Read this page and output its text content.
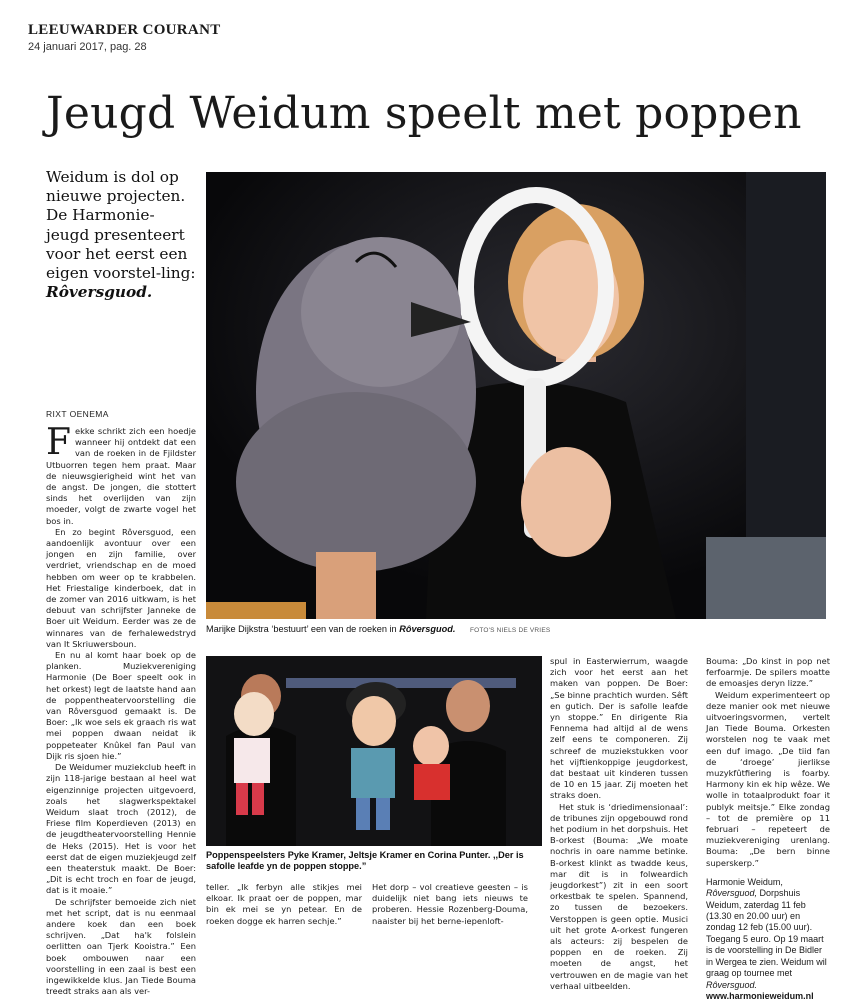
LEEUWARDER COURANT
24 januari 2017, pag. 28
Jeugd Weidum speelt met poppen
Weidum is dol op nieuwe projecten. De Harmonie-jeugd presenteert voor het eerst een eigen voorstel-ling: Rôversguod.
RIXT OENEMA

Fekke schrikt zich een hoedje wanneer hij ontdekt dat een van de roeken in de Fjildster Utbuorren tegen hem praat. Maar de nieuwsgierigheid wint het van de angst. De jongen, die stottert sinds het overlijden van zijn moeder, volgt de zwarte vogel het bos in.

En zo begint Rôversguod, een aandoenlijk avontuur over een jongen en zijn familie, over verdriet, vriendschap en de moed hebben om weer op te krabbelen. Het Friestalige kinderboek, dat in de zomer van 2016 uitkwam, is het debuut van schrijfster Janneke de Boer uit Weidum. Eerder was ze de winnares van de ferhalewedstryd van It Skriuwersboun.

En nu al komt haar boek op de planken. Muziekvereniging Harmonie (De Boer speelt ook in het orkest) legt de laatste hand aan de poppentheatervoorstelling die van Rôversguod gemaakt is. De Boer: „Ik woe sels ek graach ris wat mei poppen dwaan neidat ik poppeteater Knûkel fan Paul van Dijk ris sjoen hie.”

De Weidumer muziekclub heeft in zijn 118-jarige bestaan al heel wat eigenzinnige projecten uitgevoerd, zoals het slagwerkspektakel Weidum slaat troch (2012), de Friese film Koperdieven (2013) en de jeugdtheatervoorstelling Hennie de Heks (2015). Het is voor het eerst dat de eigen muziekjeugd zelf een theaterstuk maakt. De Boer: „Dit is echt troch en foar de jeugd, dat is it moaie.”

De schrijfster bemoeide zich niet met het script, dat is nu eenmaal andere koek dan een boek schrijven. „Dat ha'k folslein oerlitten oan Tjerk Kooistra.” Een boek ombouwen naar een voorstelling in een zaal is best een ingewikkelde klus. Jan Tiede Bouma treedt straks aan als ver-

Marijke Dijkstra ‘bestuurt’ een van de roeken in Rôversguod. FOTO'S NIELS DE VRIES
Poppenspeelsters Pyke Kramer, Jeltsje Kramer en Corina Punter. ,,Der is safolle leafde yn de poppen stoppe.”

teller. „Ik ferbyn alle stikjes mei elkoar. Ik praat oer de poppen, mar bin ek mei se yn petear. En de roeken dogge ek harren sechje.”

Het dorp – vol creatieve geesten – is duidelijk niet bang iets nieuws te proberen. Hessie Rozenberg-Douma, naaister bij het berne-iepenloft-

spul in Easterwierrum, waagde zich voor het eerst aan het maken van poppen. De Boer: „Se binne prachtich wurden. Sêft en gutich. Der is safolle leafde yn stoppe.” En dirigente Ria Fennema had altijd al de wens zelf eens te componeren. Zij schreef de muziekstukken voor het vijftienkoppige jeugdorkest, dat bestaat uit kinderen tussen de 10 en 15 jaar. Zij moeten het straks doen.

Het stuk is ‘driedimensionaal’: de tribunes zijn opgebouwd rond het podium in het dorpshuis. Het B-orkest (Bouma: „We moate nochris in oare namme betinke. B-orkest klinkt as twadde keus, mar dit is in folweardich jeugdorkest”) zit in een soort orkestbak te spelen. Spannend, zo tussen de bezoekers. Verstoppen is geen optie. Musici uit het grote A-orkest fungeren als acteurs: zij bespelen de poppen en de roeken. Zij moeten de angst, het vertrouwen en de magie van het verhaal uitbeelden.

Bouma: „Do kinst in pop net ferfoarmje. De spilers moatte de emoasjes deryn lizze.”

Weidum experimenteert op deze manier ook met nieuwe uitvoeringsvormen, vertelt Jan Tiede Bouma. Orkesten worstelen nog te vaak met een duf imago. „De tiid fan de ‘droege’ jierlikse muzykfûtfiering is foarby. Harmony kin ek hip wêze. We wolle in totaalprodukt foar it publyk meitsje.” Elke zondag – tot de première op 11 februari – repeteert de muziekvereniging urenlang. Bouma: „De bern binne superskerp.”

Harmonie Weidum, Rôversguod, Dorpshuis Weidum, zaterdag 11 feb (13.30 en 20.00 uur) en zondag 12 feb (15.00 uur). Toegang 5 euro. Op 19 maart is de voorstelling in De Bidler in Wergea te zien. Weidum wil graag op tournee met Rôversguod.
www.harmonieweidum.nl
